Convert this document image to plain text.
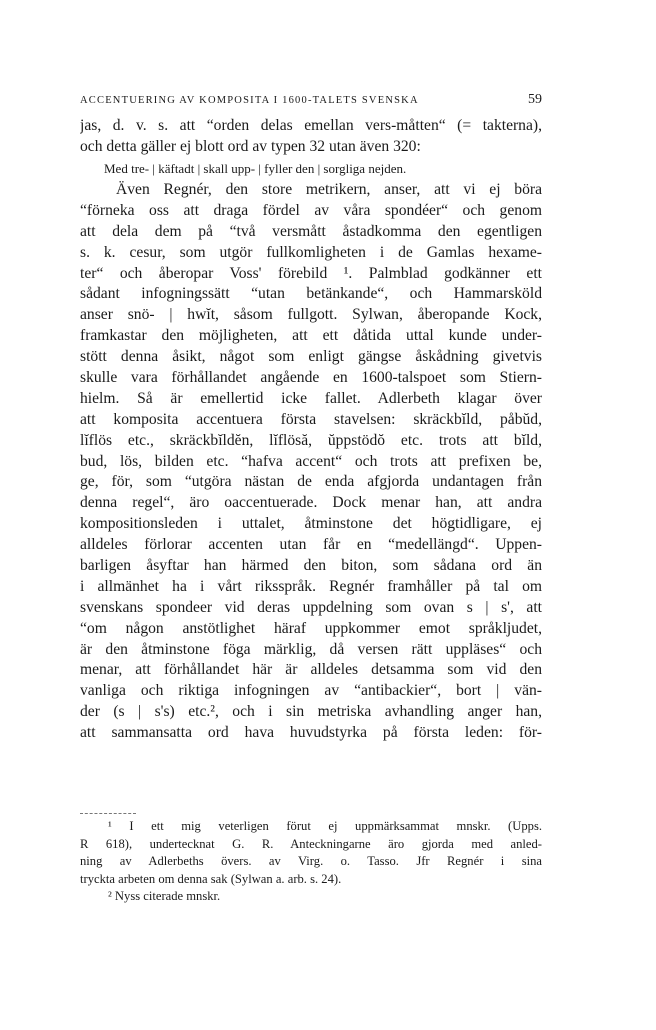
ACCENTUERING AV KOMPOSITA I 1600-TALETS SVENSKA	59
jas, d. v. s. att “orden delas emellan vers-måtten“ (= takterna),
och detta gäller ej blott ord av typen 32 utan även 320:
Med tre- | käftadt | skall upp- | fyller den | sorgliga nejden.
Även Regnér, den store metrikern, anser, att vi ej böra
“förneka oss att draga fördel av våra spondéer“ och genom
att dela dem på “två versmått åstadkomma den egentligen
s. k. cesur, som utgör fullkomligheten i de Gamlas hexame-
ter“ och åberopar Voss' förebild ¹. Palmblad godkänner ett
sådant infogningssätt “utan betänkande“, och Hammarsköld
anser snö- | hwĭt, såsom fullgott. Sylwan, åberopande Kock,
framkastar den möjligheten, att ett dåtida uttal kunde under-
stött denna åsikt, något som enligt gängse åskådning givetvis
skulle vara förhållandet angående en 1600-talspoet som Stiern-
hielm. Så är emellertid icke fallet. Adlerbeth klagar över
att komposita accentuera första stavelsen: skräckbĭld, påbŭd,
lĭflös etc., skräckbĭldĕn, lĭflösă, ŭppstödŏ etc. trots att bĭld,
bud, lös, bilden etc. “hafva accent“ och trots att prefixen be,
ge, för, som “utgöra nästan de enda afgjorda undantagen från
denna regel“, äro oaccentuerade. Dock menar han, att andra
kompositionsleden i uttalet, åtminstone det högtidligare, ej
alldeles förlorar accenten utan får en “medellängd“. Uppen-
barligen åsyftar han härmed den biton, som sådana ord än
i allmänhet ha i vårt riksspråk. Regnér framhåller på tal om
svenskans spondeer vid deras uppdelning som ovan s | s', att
“om någon anstötlighet häraf uppkommer emot språkljudet,
är den åtminstone föga märklig, då versen rätt uppläses“ och
menar, att förhållandet här är alldeles detsamma som vid den
vanliga och riktiga infogningen av “antibackier“, bort | vän-
der (s | s's) etc.², och i sin metriska avhandling anger han,
att sammansatta ord hava huvudstyrka på första leden: för-
¹ I ett mig veterligen förut ej uppmärksammat mnskr. (Upps.
R 618), undertecknat G. R. Anteckningarne äro gjorda med anled-
ning av Adlerbeths övers. av Virg. o. Tasso. Jfr Regnér i sina
tryckta arbeten om denna sak (Sylwan a. arb. s. 24).
² Nyss citerade mnskr.
